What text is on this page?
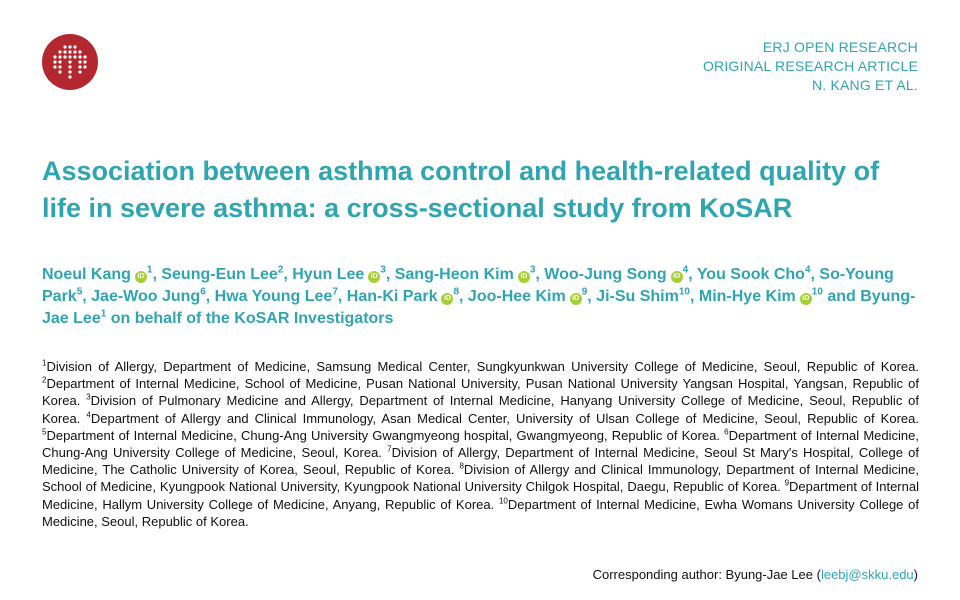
ERJ OPEN RESEARCH
ORIGINAL RESEARCH ARTICLE
N. KANG ET AL.
Association between asthma control and health-related quality of life in severe asthma: a cross-sectional study from KoSAR
Noeul Kang $iD^1$, Seung-Eun Lee$^2$, Hyun Lee $iD^3$, Sang-Heon Kim $iD^3$, Woo-Jung Song $iD^4$, You Sook Cho$^4$, So-Young Park$^5$, Jae-Woo Jung$^6$, Hwa Young Lee$^7$, Han-Ki Park $iD^8$, Joo-Hee Kim $iD^9$, Ji-Su Shim$^{10}$, Min-Hye Kim $iD^{10}$ and Byung-Jae Lee$^1$ on behalf of the KoSAR Investigators

$^1$Division of Allergy, Department of Medicine, Samsung Medical Center, Sungkyunkwan University College of Medicine, Seoul, Republic of Korea. $^2$Department of Internal Medicine, School of Medicine, Pusan National University, Pusan National University Yangsan Hospital, Yangsan, Republic of Korea. $^3$Division of Pulmonary Medicine and Allergy, Department of Internal Medicine, Hanyang University College of Medicine, Seoul, Republic of Korea. $^4$Department of Allergy and Clinical Immunology, Asan Medical Center, University of Ulsan College of Medicine, Seoul, Republic of Korea. $^5$Department of Internal Medicine, Chung-Ang University Gwangmyeong hospital, Gwangmyeong, Republic of Korea. $^6$Department of Internal Medicine, Chung-Ang University College of Medicine, Seoul, Korea. $^7$Division of Allergy, Department of Internal Medicine, Seoul St Mary's Hospital, College of Medicine, The Catholic University of Korea, Seoul, Republic of Korea. $^8$Division of Allergy and Clinical Immunology, Department of Internal Medicine, School of Medicine, Kyungpook National University, Kyungpook National University Chilgok Hospital, Daegu, Republic of Korea. $^9$Department of Internal Medicine, Hallym University College of Medicine, Anyang, Republic of Korea. $^{10}$Department of Internal Medicine, Ewha Womans University College of Medicine, Seoul, Republic of Korea.

Corresponding author: Byung-Jae Lee (leebj@skku.edu)
